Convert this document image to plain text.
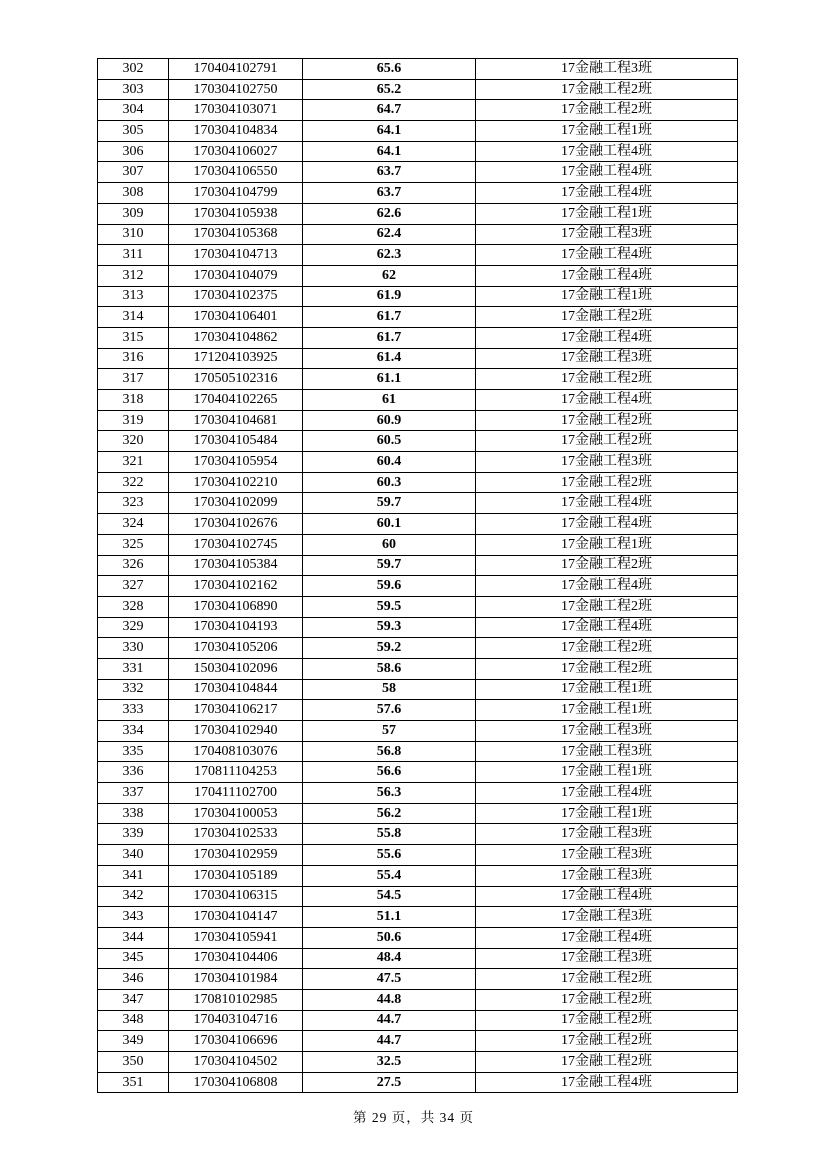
302	170404102791	65.6	17金融工程3班
303	170304102750	65.2	17金融工程2班
304	170304103071	64.7	17金融工程2班
305	170304104834	64.1	17金融工程1班
306	170304106027	64.1	17金融工程4班
307	170304106550	63.7	17金融工程4班
308	170304104799	63.7	17金融工程4班
309	170304105938	62.6	17金融工程1班
310	170304105368	62.4	17金融工程3班
311	170304104713	62.3	17金融工程4班
312	170304104079	62	17金融工程4班
313	170304102375	61.9	17金融工程1班
314	170304106401	61.7	17金融工程2班
315	170304104862	61.7	17金融工程4班
316	171204103925	61.4	17金融工程3班
317	170505102316	61.1	17金融工程2班
318	170404102265	61	17金融工程4班
319	170304104681	60.9	17金融工程2班
320	170304105484	60.5	17金融工程2班
321	170304105954	60.4	17金融工程3班
322	170304102210	60.3	17金融工程2班
323	170304102099	59.7	17金融工程4班
324	170304102676	60.1	17金融工程4班
325	170304102745	60	17金融工程1班
326	170304105384	59.7	17金融工程2班
327	170304102162	59.6	17金融工程4班
328	170304106890	59.5	17金融工程2班
329	170304104193	59.3	17金融工程4班
330	170304105206	59.2	17金融工程2班
331	150304102096	58.6	17金融工程2班
332	170304104844	58	17金融工程1班
333	170304106217	57.6	17金融工程1班
334	170304102940	57	17金融工程3班
335	170408103076	56.8	17金融工程3班
336	170811104253	56.6	17金融工程1班
337	170411102700	56.3	17金融工程4班
338	170304100053	56.2	17金融工程1班
339	170304102533	55.8	17金融工程3班
340	170304102959	55.6	17金融工程3班
341	170304105189	55.4	17金融工程3班
342	170304106315	54.5	17金融工程4班
343	170304104147	51.1	17金融工程3班
344	170304105941	50.6	17金融工程4班
345	170304104406	48.4	17金融工程3班
346	170304101984	47.5	17金融工程2班
347	170810102985	44.8	17金融工程2班
348	170403104716	44.7	17金融工程2班
349	170304106696	44.7	17金融工程2班
350	170304104502	32.5	17金融工程2班
351	170304106808	27.5	17金融工程4班
第 29 页，共 34 页
